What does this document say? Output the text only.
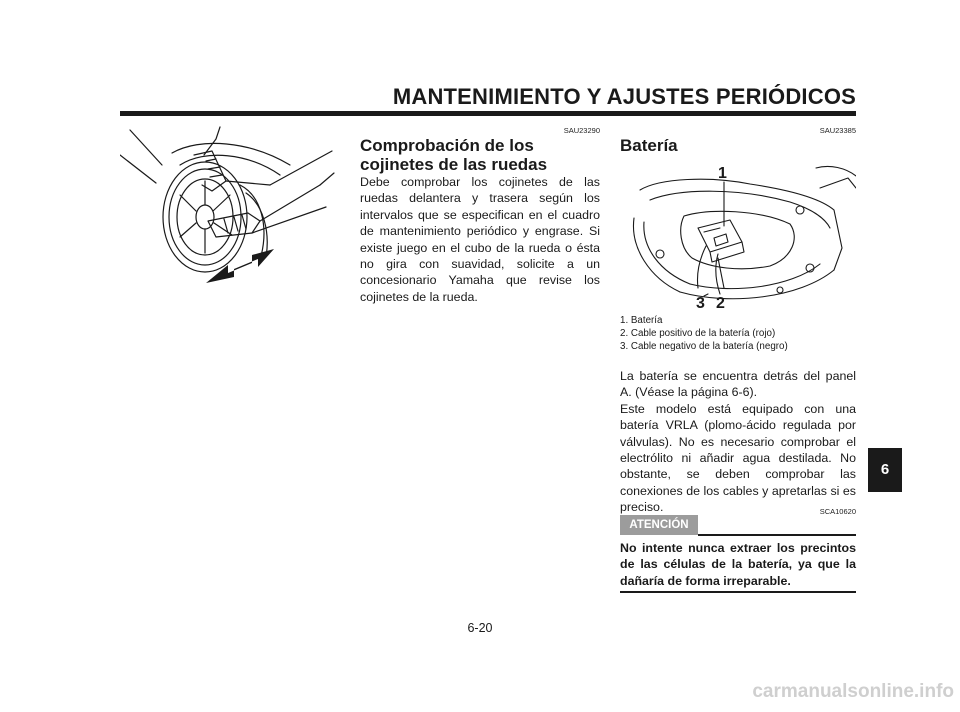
MANTENIMIENTO Y AJUSTES PERIÓDICOS
SAU23290
Comprobación de los cojinetes de las ruedas
Debe comprobar los cojinetes de las ruedas delantera y trasera según los intervalos que se especifican en el cuadro de mantenimiento periódico y engrase. Si existe juego en el cubo de la rueda o ésta no gira con suavidad, solicite a un concesionario Yamaha que revise los cojinetes de la rueda.
SAU23385
Batería
1
3 2
1. Batería
2. Cable positivo de la batería (rojo)
3. Cable negativo de la batería (negro)
La batería se encuentra detrás del panel A. (Véase la página 6-6).
Este modelo está equipado con una batería VRLA (plomo-ácido regulada por válvulas). No es necesario comprobar el electrólito ni añadir agua destilada. No obstante, se deben comprobar las conexiones de los cables y apretarlas si es preciso.	SCA10620
ATENCIÓN
No intente nunca extraer los precintos de las células de la batería, ya que la dañaría de forma irreparable.
6
6-20
carmanualsonline.info
